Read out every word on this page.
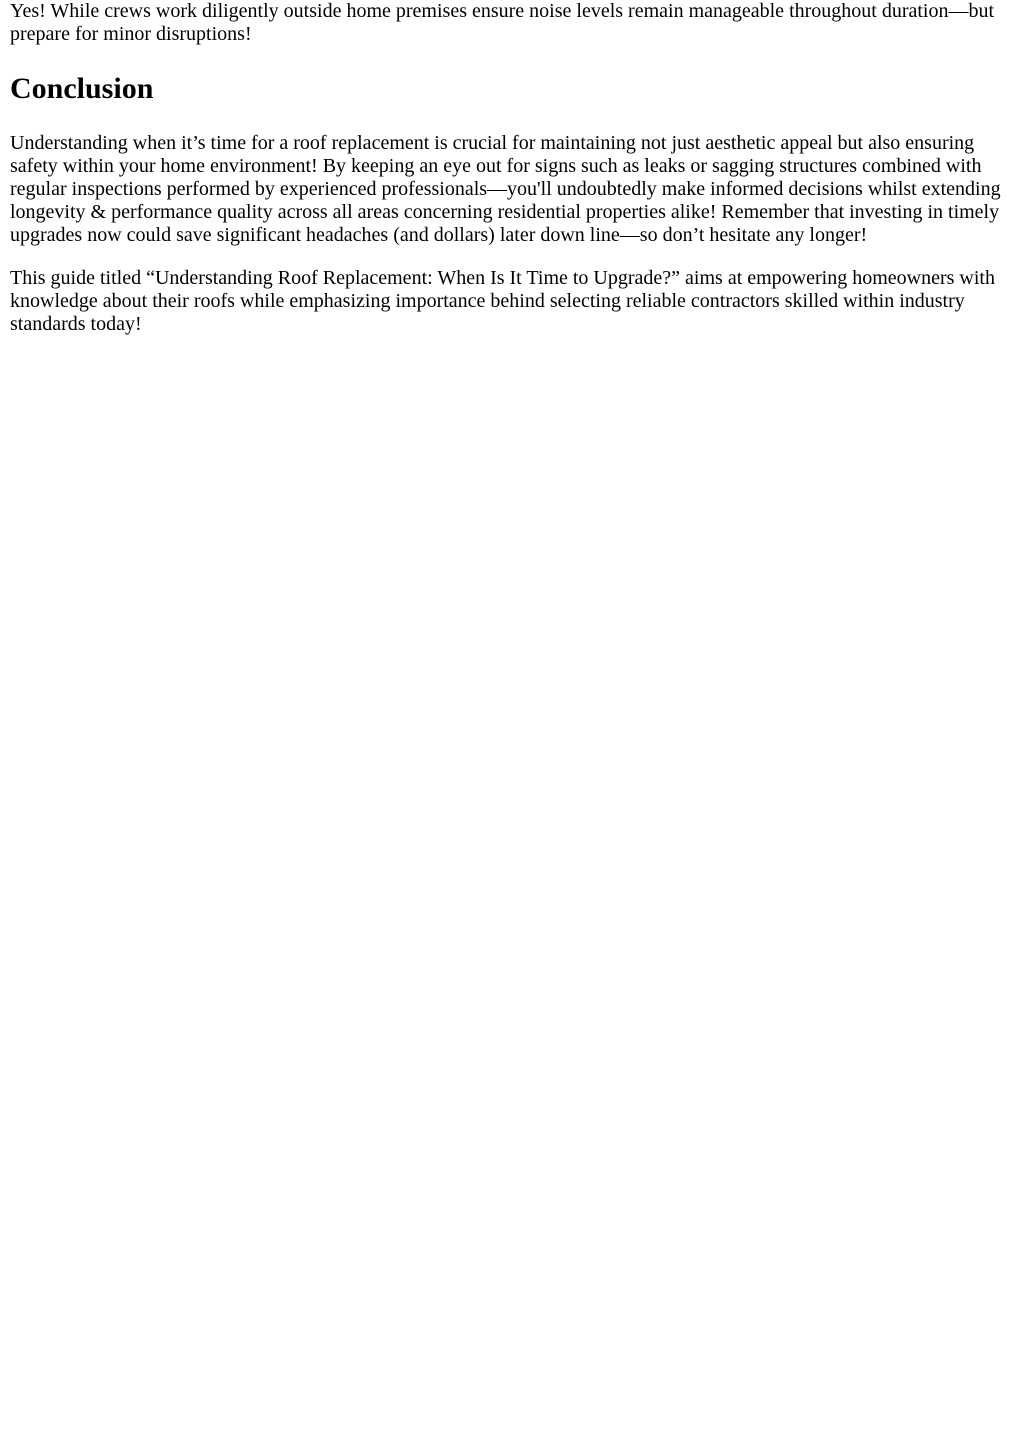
Yes! While crews work diligently outside home premises ensure noise levels remain manageable throughout duration—but prepare for minor disruptions!

Conclusion

Understanding when it’s time for a roof replacement is crucial for maintaining not just aesthetic appeal but also ensuring safety within your home environment! By keeping an eye out for signs such as leaks or sagging structures combined with regular inspections performed by experienced professionals—you'll undoubtedly make informed decisions whilst extending longevity & performance quality across all areas concerning residential properties alike! Remember that investing in timely upgrades now could save significant headaches (and dollars) later down line—so don’t hesitate any longer!

This guide titled “Understanding Roof Replacement: When Is It Time to Upgrade?” aims at empowering homeowners with knowledge about their roofs while emphasizing importance behind selecting reliable contractors skilled within industry standards today!
